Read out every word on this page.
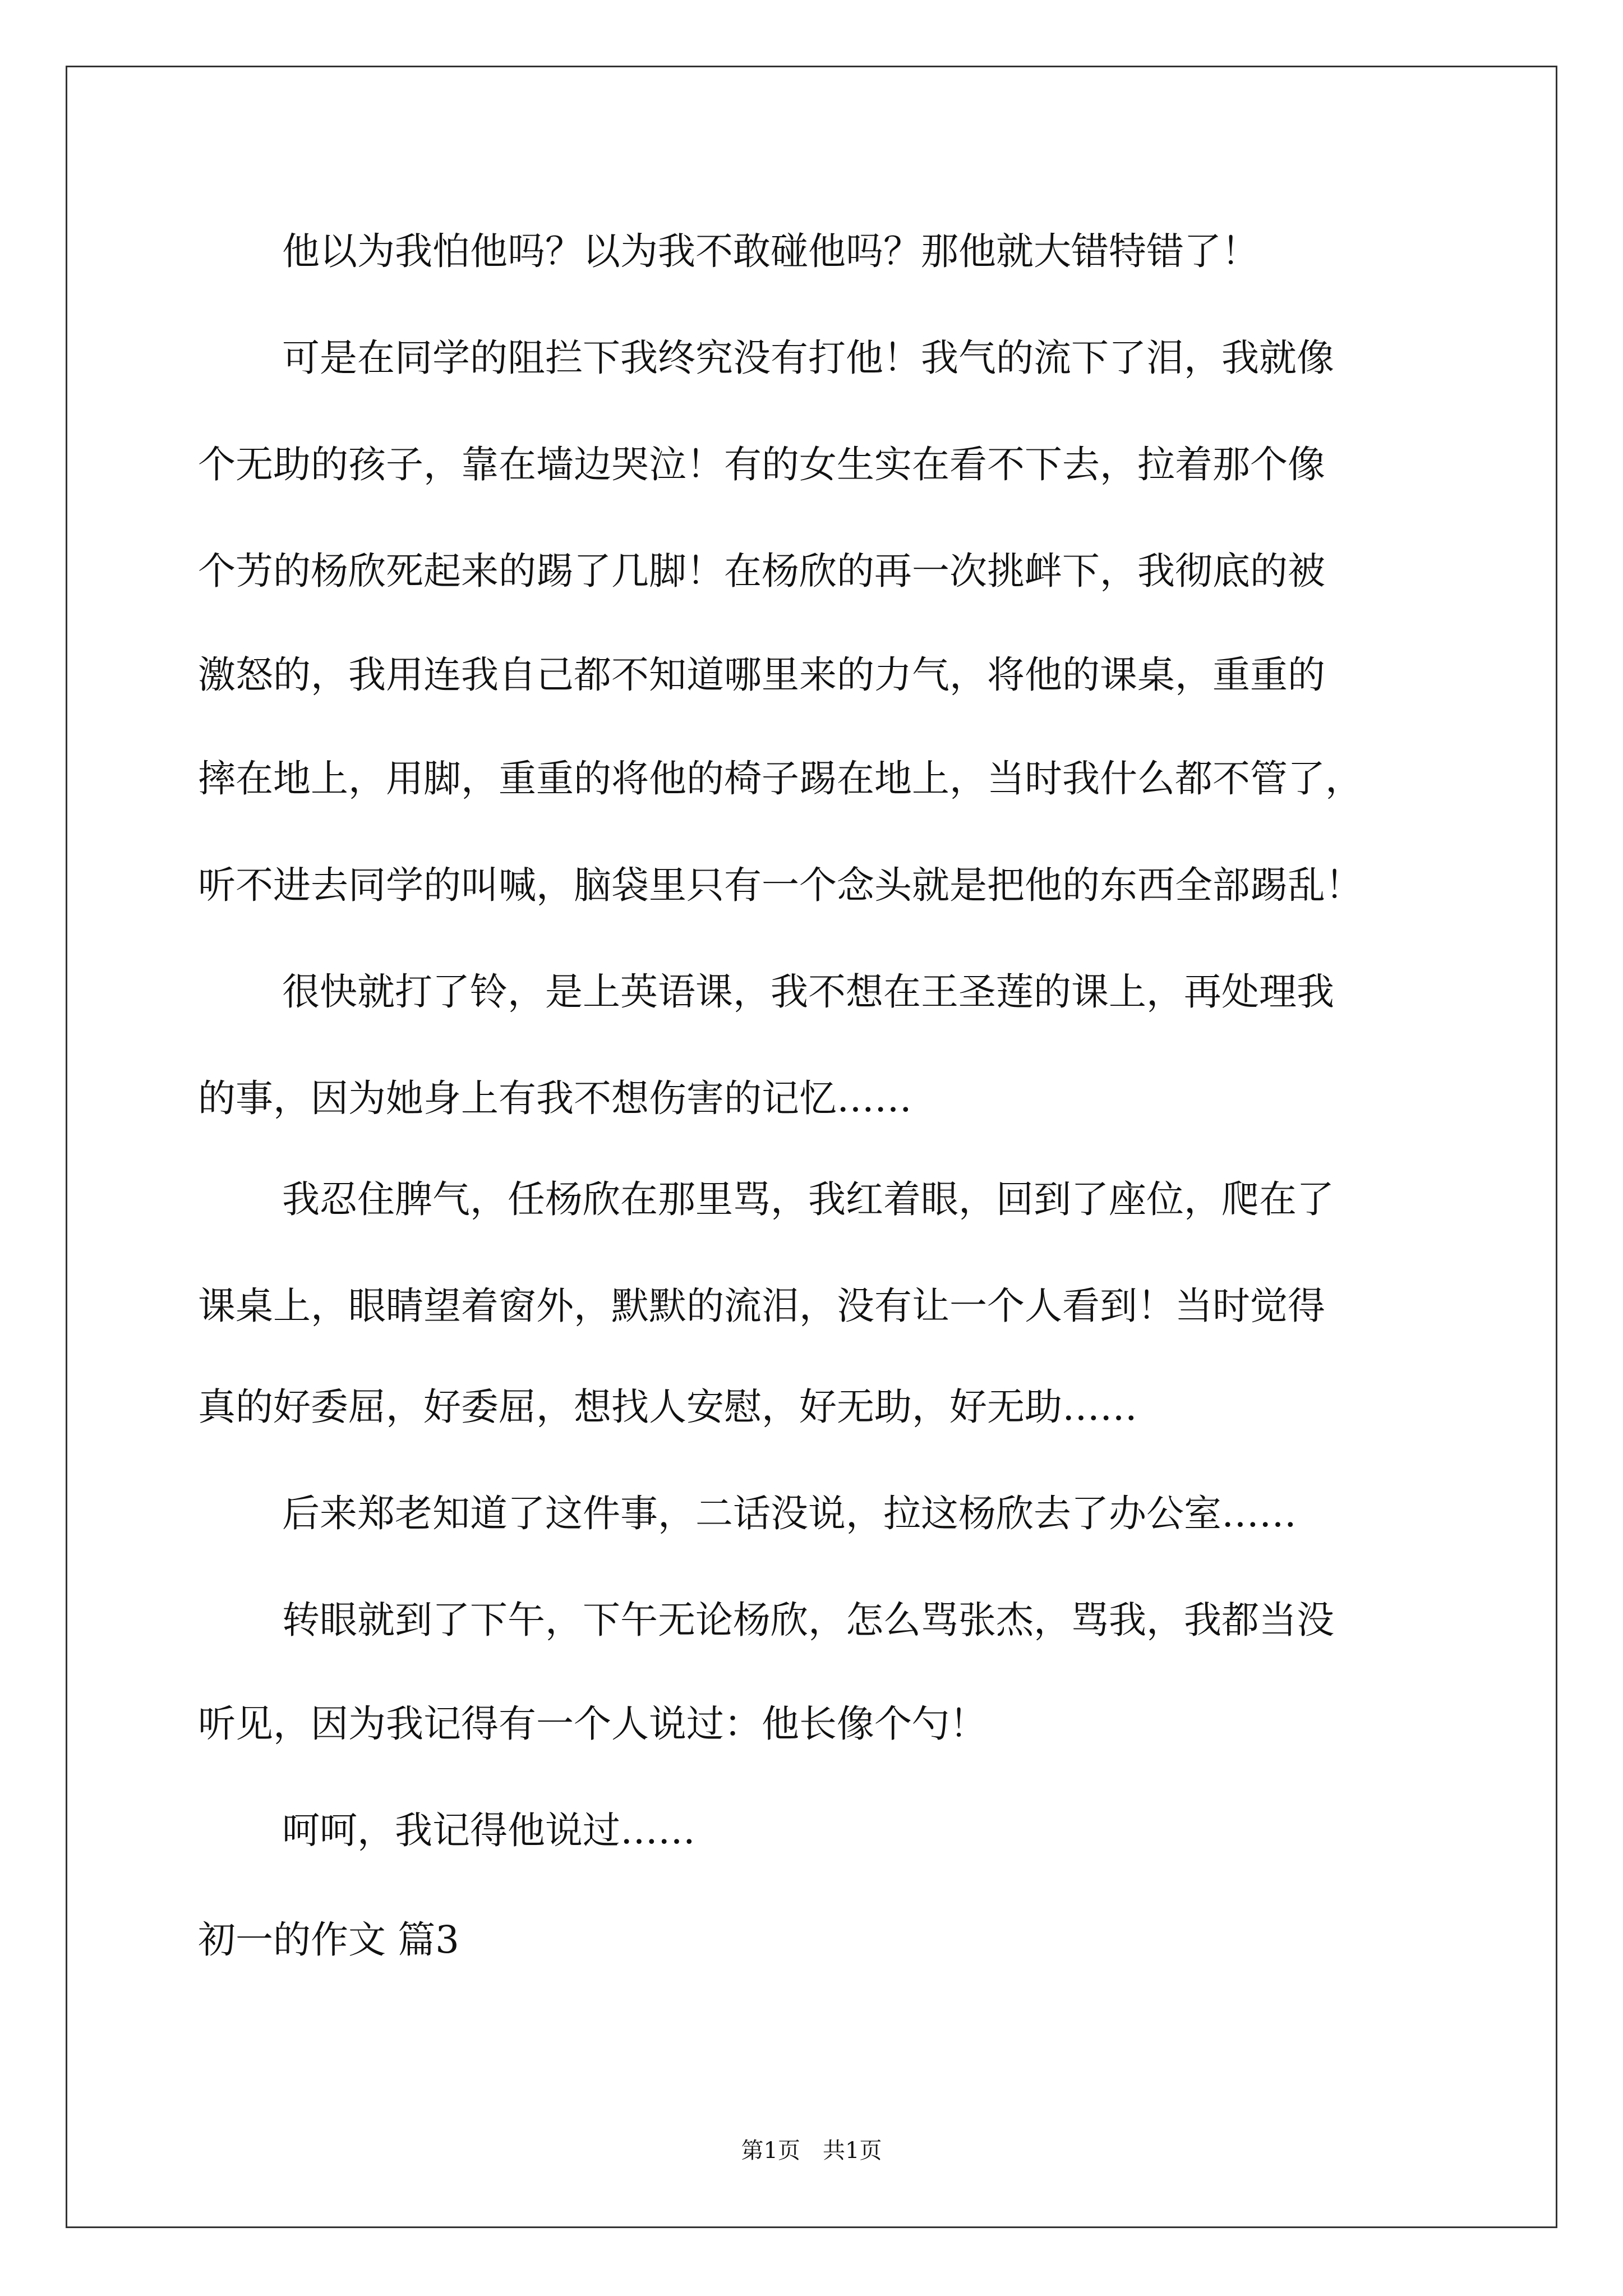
他以为我怕他吗？以为我不敢碰他吗？那他就大错特错了！
可是在同学的阻拦下我终究没有打他！我气的流下了泪，我就像
个无助的孩子，靠在墙边哭泣！有的女生实在看不下去，拉着那个像
个艻的杨欣死起来的踢了几脚！在杨欣的再一次挑衅下，我彻底的被
激怒的，我用连我自己都不知道哪里来的力气，将他的课桌，重重的
摔在地上，用脚，重重的将他的椅子踢在地上，当时我什么都不管了，
听不进去同学的叫喊，脑袋里只有一个念头就是把他的东西全部踢乱！
很快就打了铃，是上英语课，我不想在王圣莲的课上，再处理我
的事，因为她身上有我不想伤害的记忆……
我忍住脾气，任杨欣在那里骂，我红着眼，回到了座位，爬在了
课桌上，眼睛望着窗外，默默的流泪，没有让一个人看到！当时觉得
真的好委屈，好委屈，想找人安慰，好无助，好无助……
后来郑老知道了这件事，二话没说，拉这杨欣去了办公室……
转眼就到了下午，下午无论杨欣，怎么骂张杰，骂我，我都当没
听见，因为我记得有一个人说过：他长像个勺！
呵呵，我记得他说过……
初一的作文 篇3
第1页　共1页
